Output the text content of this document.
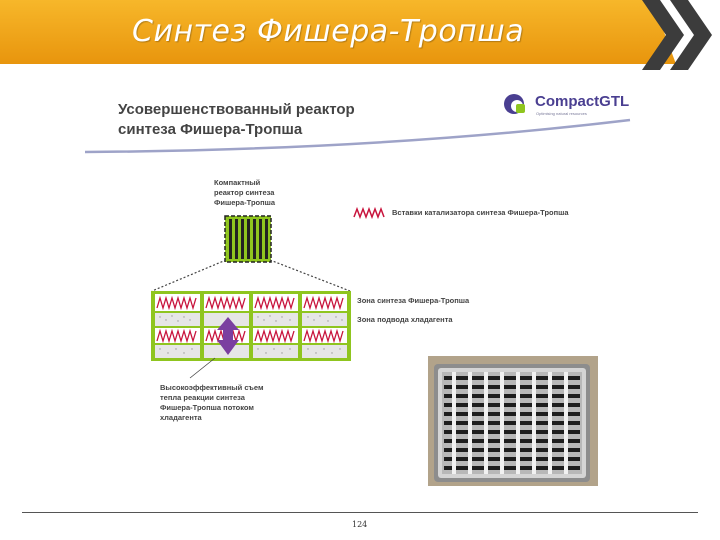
Синтез Фишера-Тропша
Усовершенствованный реактор
синтеза Фишера-Тропша
CompactGTL
Optimising natural resources
Компактный
реактор синтеза
Фишера-Тропша
Вставки катализатора синтеза Фишера-Тропша
Зона синтеза Фишера-Тропша
Зона подвода хладагента
Высокоэффективный съем
тепла реакции синтеза
Фишера-Тропша потоком
хладагента
124
